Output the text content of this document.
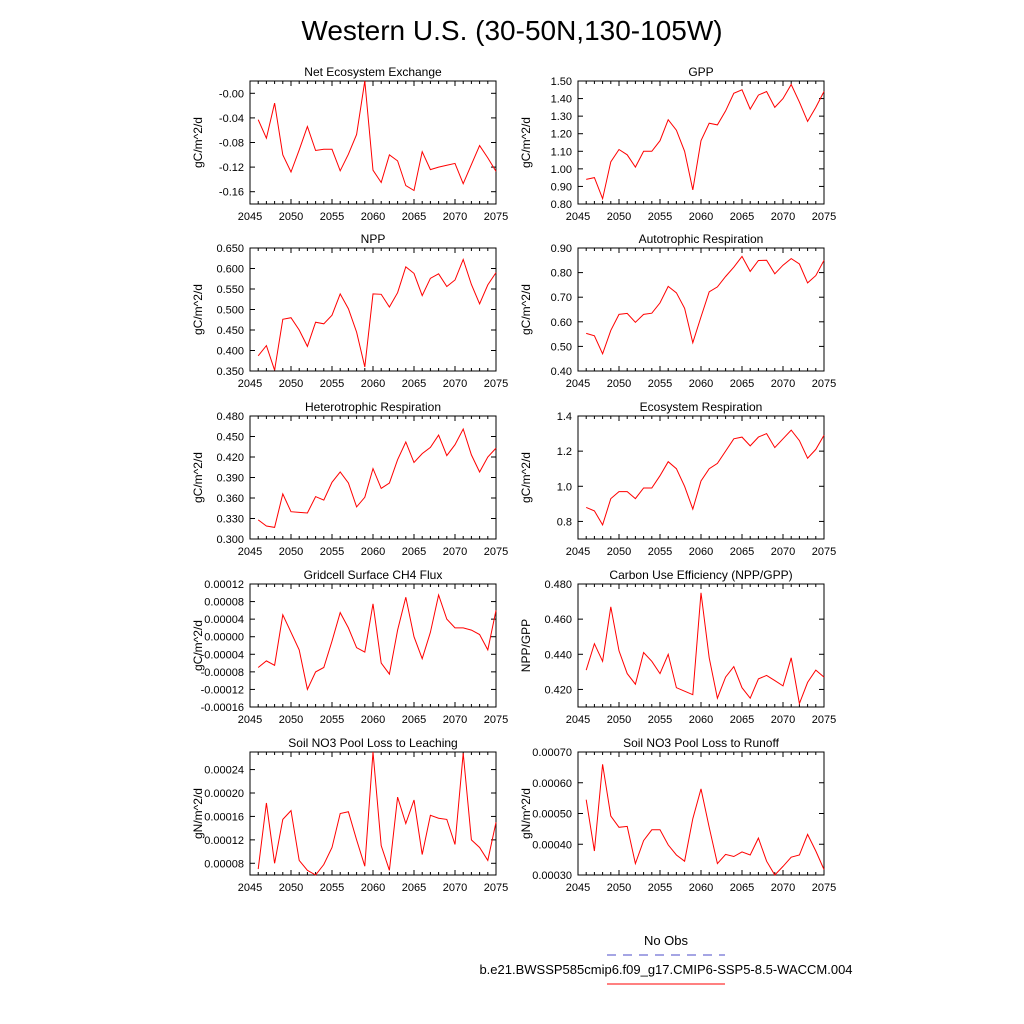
Western U.S. (30-50N,130-105W)
Net Ecosystem Exchange
2045 2050 2055 2060 2065 2070 2075
-0.16
-0.12
-0.08
-0.04
-0.00
gC/m^2/d
GPP
2045 2050 2055 2060 2065 2070 2075
0.80
0.90
1.00
1.10
1.20
1.30
1.40
1.50
gC/m^2/d
NPP
2045 2050 2055 2060 2065 2070 2075
0.350
0.400
0.450
0.500
0.550
0.600
0.650
gC/m^2/d
Autotrophic Respiration
2045 2050 2055 2060 2065 2070 2075
0.40
0.50
0.60
0.70
0.80
0.90
gC/m^2/d
Heterotrophic Respiration
2045 2050 2055 2060 2065 2070 2075
0.300
0.330
0.360
0.390
0.420
0.450
0.480
gC/m^2/d
Ecosystem Respiration
2045 2050 2055 2060 2065 2070 2075
0.8
1.0
1.2
1.4
gC/m^2/d
Gridcell Surface CH4 Flux
2045 2050 2055 2060 2065 2070 2075
-0.00016
-0.00012
-0.00008
-0.00004
0.00000
0.00004
0.00008
0.00012
gC/m^2/d
Carbon Use Efficiency (NPP/GPP)
2045 2050 2055 2060 2065 2070 2075
0.420
0.440
0.460
0.480
NPP/GPP
Soil NO3 Pool Loss to Leaching
2045 2050 2055 2060 2065 2070 2075
0.00008
0.00012
0.00016
0.00020
0.00024
gN/m^2/d
Soil NO3 Pool Loss to Runoff
2045 2050 2055 2060 2065 2070 2075
0.00030
0.00040
0.00050
0.00060
0.00070
gN/m^2/d
No Obs
b.e21.BWSSP585cmip6.f09_g17.CMIP6-SSP5-8.5-WACCM.004
